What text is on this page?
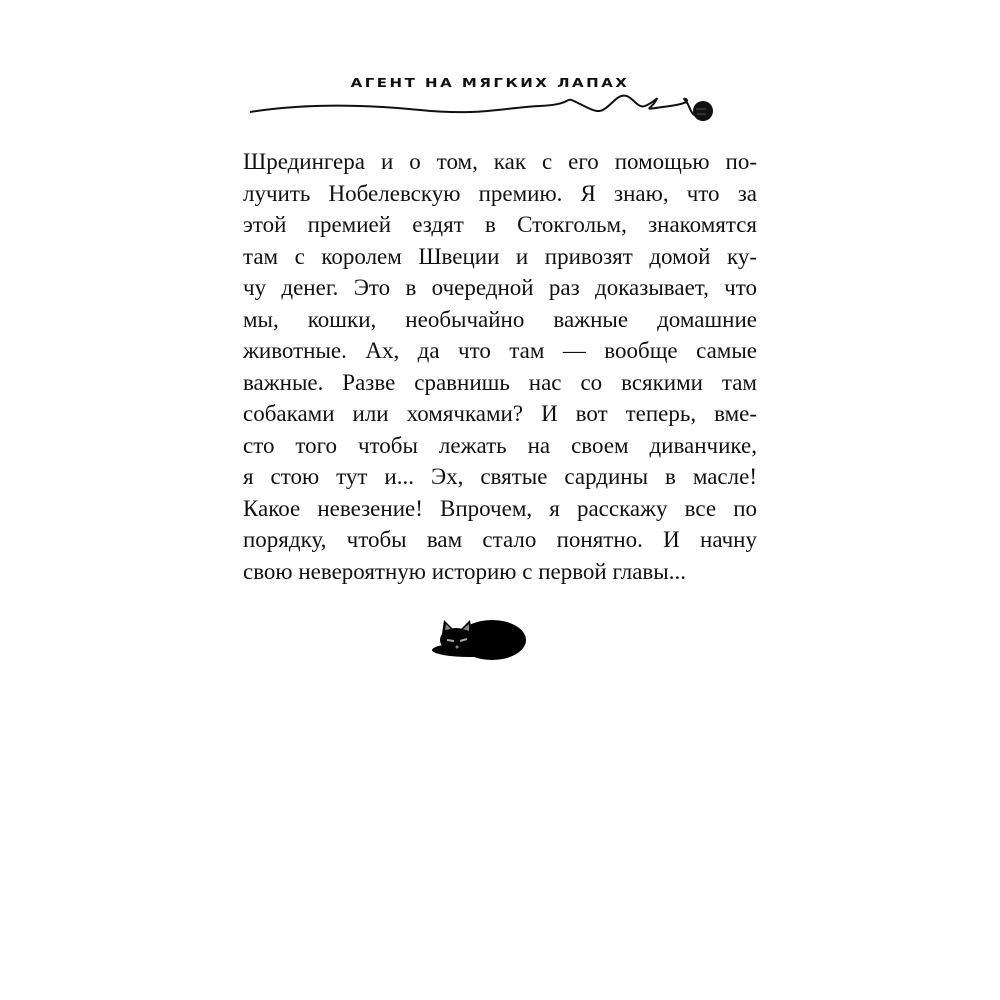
АГЕНТ НА МЯГКИХ ЛАПАХ
Шредингера и о том, как с его помощью по-
лучить Нобелевскую премию. Я знаю, что за
этой премией ездят в Стокгольм, знакомятся
там с королем Швеции и привозят домой ку-
чу денег. Это в очередной раз доказывает, что
мы, кошки, необычайно важные домашние
животные. Ах, да что там — вообще самые
важные. Разве сравнишь нас со всякими там
собаками или хомячками? И вот теперь, вме-
сто того чтобы лежать на своем диванчике,
я стою тут и... Эх, святые сардины в масле!
Какое невезение! Впрочем, я расскажу все по
порядку, чтобы вам стало понятно. И начну
свою невероятную историю с первой главы...
